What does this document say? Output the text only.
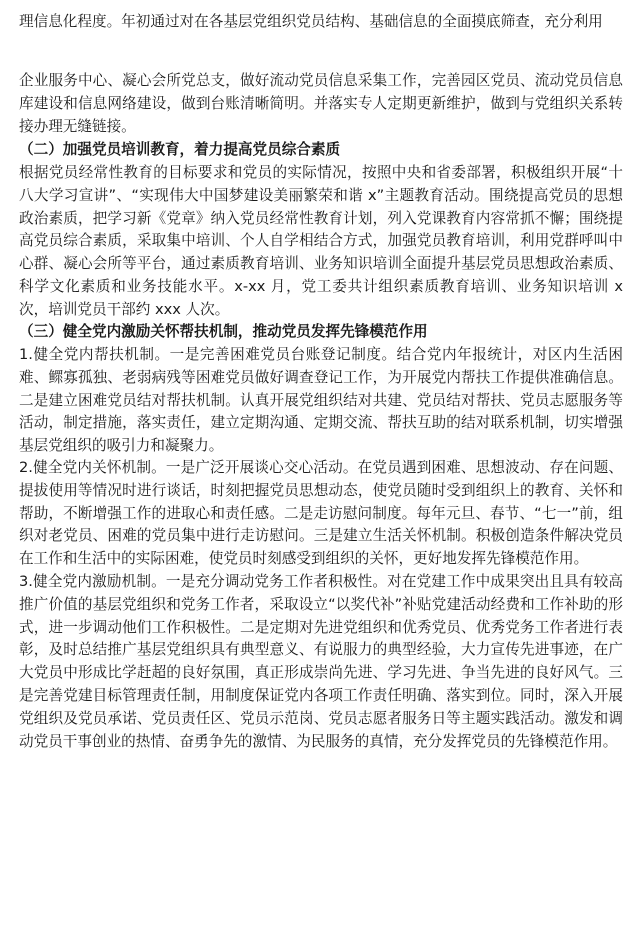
理信息化程度。年初通过对在各基层党组织党员结构、基础信息的全面摸底筛查，充分利用

企业服务中心、凝心会所党总支，做好流动党员信息采集工作，完善园区党员、流动党员信息库建设和信息网络建设，做到台账清晰简明。并落实专人定期更新维护，做到与党组织关系转接办理无缝链接。

（二）加强党员培训教育，着力提高党员综合素质

根据党员经常性教育的目标要求和党员的实际情况，按照中央和省委部署，积极组织开展“十八大学习宣讲”、“实现伟大中国梦建设美丽繁荣和谐 x”主题教育活动。围绕提高党员的思想政治素质，把学习新《党章》纳入党员经常性教育计划，列入党课教育内容常抓不懈；围绕提高党员综合素质，采取集中培训、个人自学相结合方式，加强党员教育培训，利用党群呼叫中心群、凝心会所等平台，通过素质教育培训、业务知识培训全面提升基层党员思想政治素质、科学文化素质和业务技能水平。x-xx 月，党工委共计组织素质教育培训、业务知识培训 x 次，培训党员干部约 xxx 人次。

（三）健全党内激励关怀帮扶机制，推动党员发挥先锋模范作用

1.健全党内帮扶机制。一是完善困难党员台账登记制度。结合党内年报统计，对区内生活困难、鳏寡孤独、老弱病残等困难党员做好调查登记工作，为开展党内帮扶工作提供准确信息。二是建立困难党员结对帮扶机制。认真开展党组织结对共建、党员结对帮扶、党员志愿服务等活动，制定措施，落实责任，建立定期沟通、定期交流、帮扶互助的结对联系机制，切实增强基层党组织的吸引力和凝聚力。

2.健全党内关怀机制。一是广泛开展谈心交心活动。在党员遇到困难、思想波动、存在问题、提拔使用等情况时进行谈话，时刻把握党员思想动态，使党员随时受到组织上的教育、关怀和帮助，不断增强工作的进取心和责任感。二是走访慰问制度。每年元旦、春节、“七一”前，组织对老党员、困难的党员集中进行走访慰问。三是建立生活关怀机制。积极创造条件解决党员在工作和生活中的实际困难，使党员时刻感受到组织的关怀，更好地发挥先锋模范作用。

3.健全党内激励机制。一是充分调动党务工作者积极性。对在党建工作中成果突出且具有较高推广价值的基层党组织和党务工作者，采取设立“以奖代补”补贴党建活动经费和工作补助的形式，进一步调动他们工作积极性。二是定期对先进党组织和优秀党员、优秀党务工作者进行表彰，及时总结推广基层党组织具有典型意义、有说服力的典型经验，大力宣传先进事迹，在广大党员中形成比学赶超的良好氛围，真正形成崇尚先进、学习先进、争当先进的良好风气。三是完善党建目标管理责任制，用制度保证党内各项工作责任明确、落实到位。同时，深入开展党组织及党员承诺、党员责任区、党员示范岗、党员志愿者服务日等主题实践活动。激发和调动党员干事创业的热情、奋勇争先的激情、为民服务的真情，充分发挥党员的先锋模范作用。
